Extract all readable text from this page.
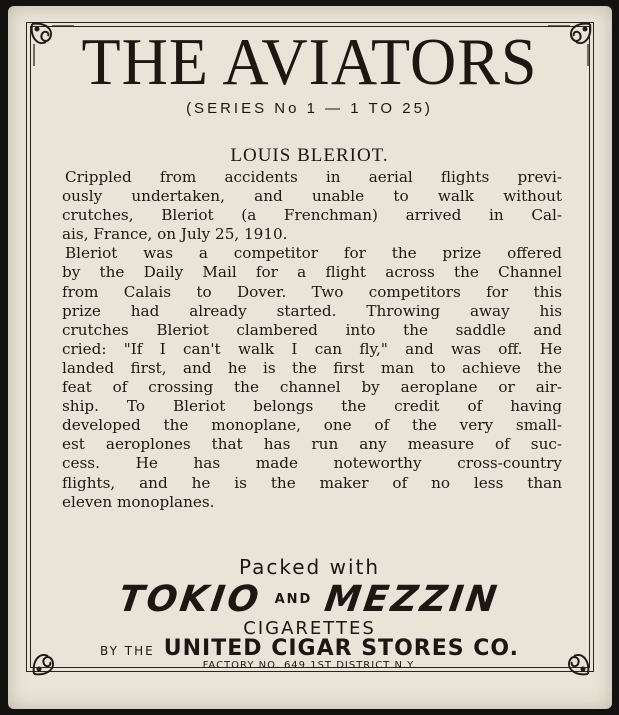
THE AVIATORS
(SERIES No 1 — 1 TO 25)
LOUIS BLERIOT.
Crippled from accidents in aerial flights previ-
ously undertaken, and unable to walk without
crutches, Bleriot (a Frenchman) arrived in Cal-
ais, France, on July 25, 1910.
Bleriot was a competitor for the prize offered
by the Daily Mail for a flight across the Channel
from Calais to Dover. Two competitors for this
prize had already started. Throwing away his
crutches Bleriot clambered into the saddle and
cried: "If I can't walk I can fly," and was off. He
landed first, and he is the first man to achieve the
feat of crossing the channel by aeroplane or air-
ship. To Bleriot belongs the credit of having
developed the monoplane, one of the very small-
est aeroplones that has run any measure of suc-
cess. He has made noteworthy cross-country
flights, and he is the maker of no less than
eleven monoplanes.
Packed with
TOKIO $^{AND}$ MEZZIN
CIGARETTES
BY THE UNITED CIGAR STORES CO.
FACTORY NO. 649 1ST DISTRICT N.Y.
